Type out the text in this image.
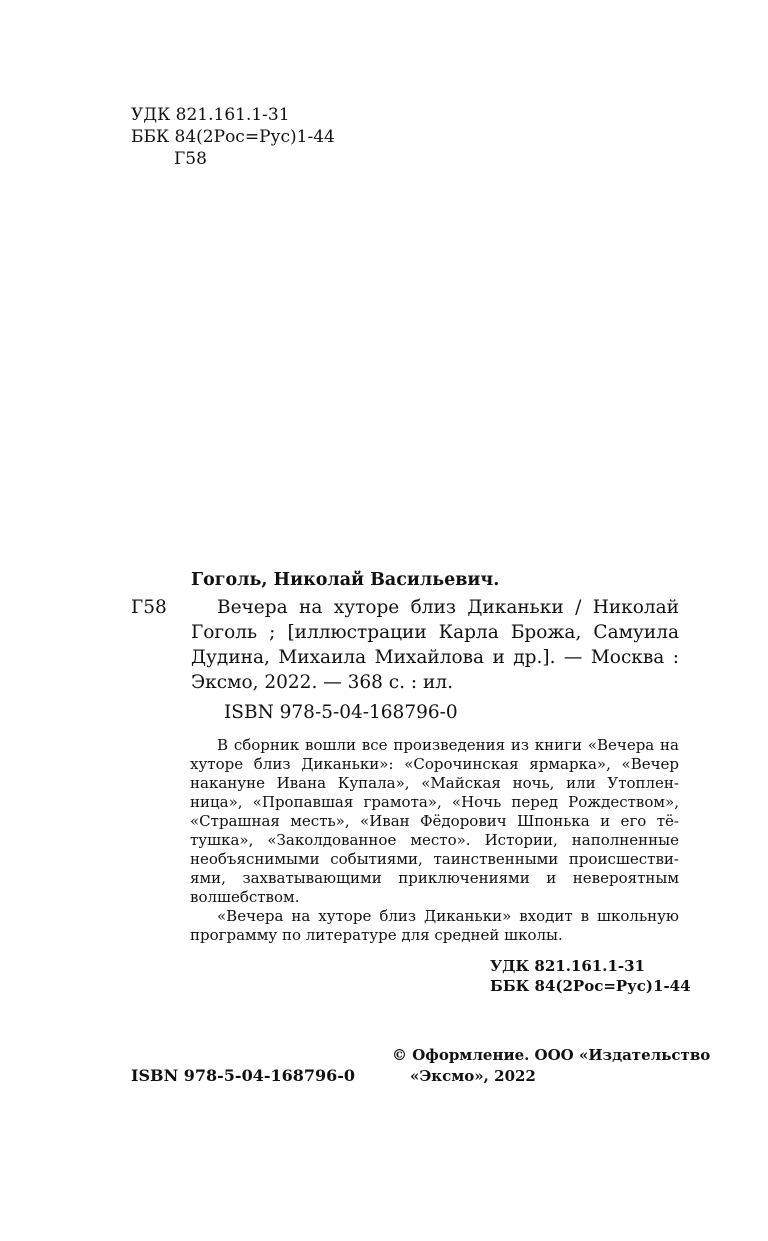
УДК 821.161.1-31
ББК 84(2Рос=Рус)1-44
Г58
Гоголь, Николай Васильевич.
Г58	Вечера на хуторе близ Диканьки / Николай
Гоголь ; [иллюстрации Карла Брожа, Самуила
Дудина, Михаила Михайлова и др.]. — Москва :
Эксмо, 2022. — 368 с. : ил.
ISBN 978-5-04-168796-0
В сборник вошли все произведения из книги «Вечера на
хуторе близ Диканьки»: «Сорочинская ярмарка», «Вечер
накануне Ивана Купала», «Майская ночь, или Утоплен-
ница», «Пропавшая грамота», «Ночь перед Рождеством»,
«Страшная месть», «Иван Фёдорович Шпонька и его тё-
тушка», «Заколдованное место». Истории, наполненные
необъяснимыми событиями, таинственными происшестви-
ями, захватывающими приключениями и невероятным
волшебством.
«Вечера на хуторе близ Диканьки» входит в школьную
программу по литературе для средней школы.
УДК 821.161.1-31
ББК 84(2Рос=Рус)1-44
© Оформление. ООО «Издательство
ISBN 978-5-04-168796-0	«Эксмо», 2022
